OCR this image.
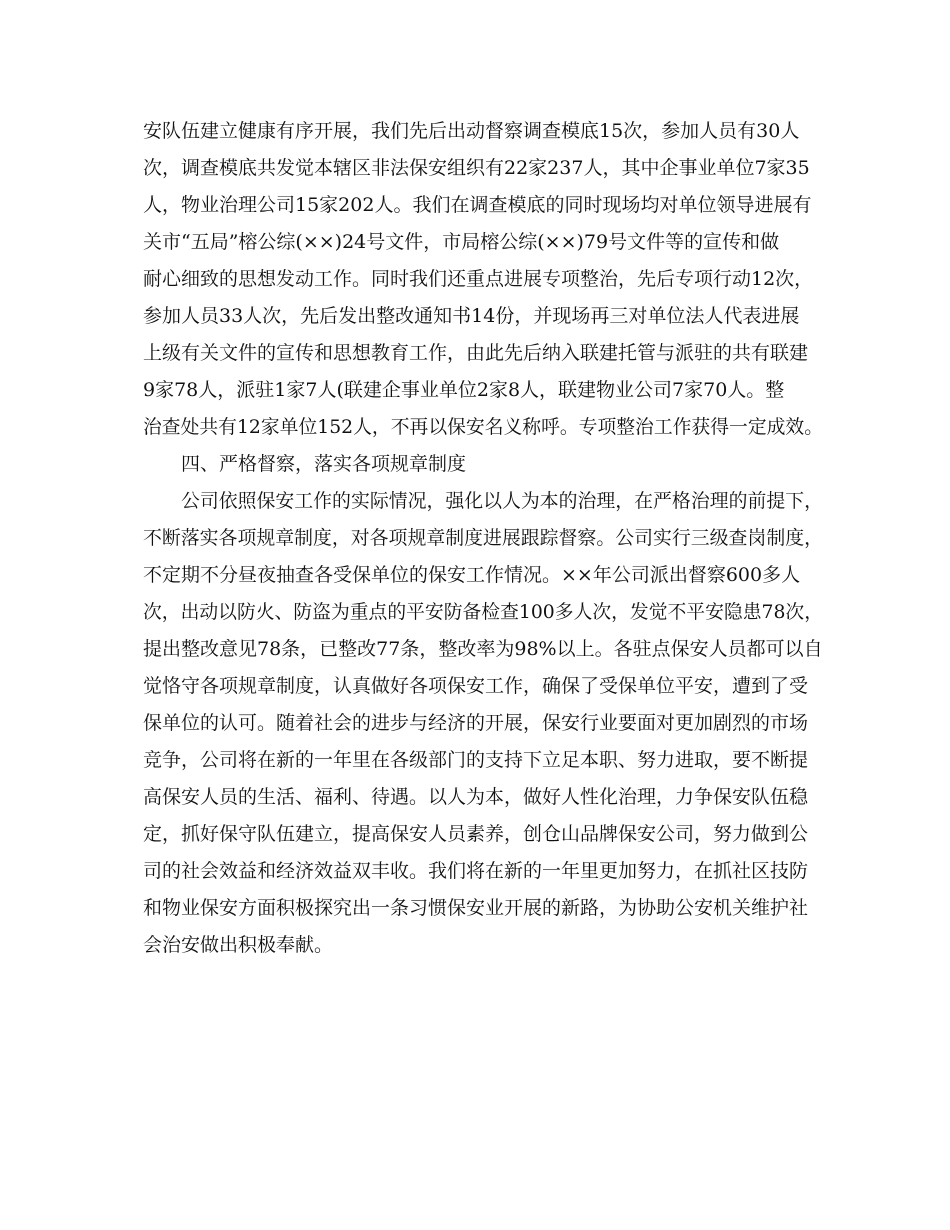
安队伍建立健康有序开展，我们先后出动督察调查模底15次，参加人员有30人
次，调查模底共发觉本辖区非法保安组织有22家237人，其中企事业单位7家35
人，物业治理公司15家202人。我们在调查模底的同时现场均对单位领导进展有
关市“五局”榕公综(××)24号文件，市局榕公综(××)79号文件等的宣传和做
耐心细致的思想发动工作。同时我们还重点进展专项整治，先后专项行动12次，
参加人员33人次，先后发出整改通知书14份，并现场再三对单位法人代表进展
上级有关文件的宣传和思想教育工作，由此先后纳入联建托管与派驻的共有联建
9家78人，派驻1家7人(联建企事业单位2家8人，联建物业公司7家70人。整
治查处共有12家单位152人，不再以保安名义称呼。专项整治工作获得一定成效。
四、严格督察，落实各项规章制度
公司依照保安工作的实际情况，强化以人为本的治理，在严格治理的前提下，
不断落实各项规章制度，对各项规章制度进展跟踪督察。公司实行三级查岗制度，
不定期不分昼夜抽查各受保单位的保安工作情况。××年公司派出督察600多人
次，出动以防火、防盗为重点的平安防备检查100多人次，发觉不平安隐患78次，
提出整改意见78条，已整改77条，整改率为98%以上。各驻点保安人员都可以自
觉恪守各项规章制度，认真做好各项保安工作，确保了受保单位平安，遭到了受
保单位的认可。随着社会的进步与经济的开展，保安行业要面对更加剧烈的市场
竞争，公司将在新的一年里在各级部门的支持下立足本职、努力进取，要不断提
高保安人员的生活、福利、待遇。以人为本，做好人性化治理，力争保安队伍稳
定，抓好保守队伍建立，提高保安人员素养，创仓山品牌保安公司，努力做到公
司的社会效益和经济效益双丰收。我们将在新的一年里更加努力，在抓社区技防
和物业保安方面积极探究出一条习惯保安业开展的新路，为协助公安机关维护社
会治安做出积极奉献。
